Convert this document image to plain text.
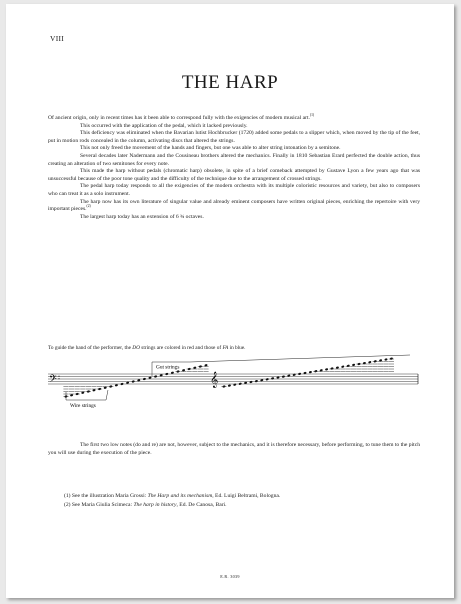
VIII
THE HARP

Of ancient origin, only in recent times has it been able to correspond fully with the exigencies of modern musical art.$^{(1)}$

This occurred with the application of the pedal, which it lacked previously.

This deficiency was eliminated when the Bavarian lutist Hochbrucker (1720) added some pedals to a slipper which, when moved by the tip of the feet, put in motion rods concealed in the column, activating discs that altered the strings.

This not only freed the movement of the hands and fingers, but one was able to alter string intonation by a semitone.

Several decades later Nadermann and the Cousineau brothers altered the mechanics. Finally in 1810 Sebastian Erard perfected the double action, thus creating an alteration of two semitones for every note.

This made the harp without pedals (chromatic harp) obsolete, in spite of a brief comeback attempted by Gustave Lyon a few years ago that was unsuccessful because of the poor tone quality and the difficulty of the technique due to the arrangement of crossed strings.

The pedal harp today responds to all the exigencies of the modern orchestra with its multiple coloristic resources and variety, but also to composers who can treat it as a solo instrument.

The harp now has its own literature of singular value and already eminent composers have written original pieces, enriching the repertoire with very important pieces.$^{(2)}$

The largest harp today has an extension of 6 ¾ octaves.

To guide the hand of the performer, the DO strings are colored in red and those of FA in blue.
𝄢	𝄞
Gut strings
Wire strings
The first two low notes (do and re) are not, however, subject to the mechanics, and it is therefore necessary, before performing, to tune them to the pitch you will use during the execution of the piece.
(1) See the illustration Maria Grossi: The Harp and its mechanism, Ed. Luigi Beltrami, Bologna.
(2) See Maria Giulia Scimeca: The harp in history, Ed. De Canosa, Bari.
E.R. 3039
